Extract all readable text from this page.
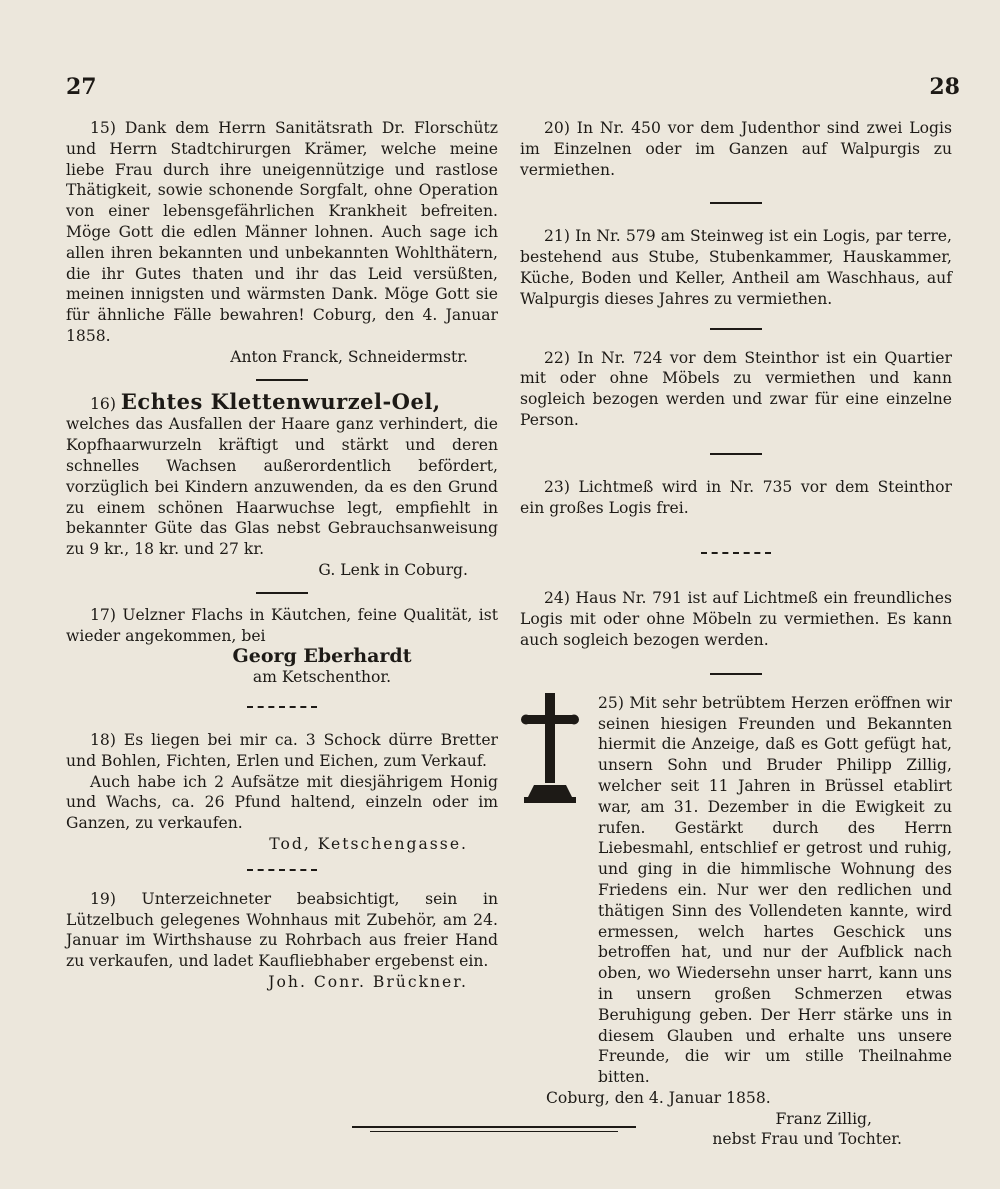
27	28

15) Dank dem Herrn Sanitätsrath Dr. Florschütz und Herrn Stadtchirurgen Krämer, welche meine liebe Frau durch ihre uneigennützige und rastlose Thätigkeit, sowie schonende Sorgfalt, ohne Operation von einer lebensgefährlichen Krankheit befreiten. Möge Gott die edlen Männer lohnen. Auch sage ich allen ihren bekannten und unbekannten Wohlthätern, die ihr Gutes thaten und ihr das Leid versüßten, meinen innigsten und wärmsten Dank. Möge Gott sie für ähnliche Fälle bewahren! Coburg, den 4. Januar 1858.

Anton Franck, Schneidermstr.

16) Echtes Klettenwurzel-Oel,

welches das Ausfallen der Haare ganz verhindert, die Kopfhaarwurzeln kräftigt und stärkt und deren schnelles Wachsen außerordentlich befördert, vorzüglich bei Kindern anzuwenden, da es den Grund zu einem schönen Haarwuchse legt, empfiehlt in bekannter Güte das Glas nebst Gebrauchsanweisung zu 9 kr., 18 kr. und 27 kr.

G. Lenk in Coburg.

17) Uelzner Flachs in Käutchen, feine Qualität, ist wieder angekommen, bei

Georg Eberhardt

am Ketschenthor.

18) Es liegen bei mir ca. 3 Schock dürre Bretter und Bohlen, Fichten, Erlen und Eichen, zum Verkauf.

Auch habe ich 2 Aufsätze mit diesjährigem Honig und Wachs, ca. 26 Pfund haltend, einzeln oder im Ganzen, zu verkaufen.

Tod, Ketschengasse.

19) Unterzeichneter beabsichtigt, sein in Lützelbuch gelegenes Wohnhaus mit Zubehör, am 24. Januar im Wirthshause zu Rohrbach aus freier Hand zu verkaufen, und ladet Kaufliebhaber ergebenst ein.

Joh. Conr. Brückner.

20) In Nr. 450 vor dem Judenthor sind zwei Logis im Einzelnen oder im Ganzen auf Walpurgis zu vermiethen.

21) In Nr. 579 am Steinweg ist ein Logis, par terre, bestehend aus Stube, Stubenkammer, Hauskammer, Küche, Boden und Keller, Antheil am Waschhaus, auf Walpurgis dieses Jahres zu vermiethen.

22) In Nr. 724 vor dem Steinthor ist ein Quartier mit oder ohne Möbels zu vermiethen und kann sogleich bezogen werden und zwar für eine einzelne Person.

23) Lichtmeß wird in Nr. 735 vor dem Steinthor ein großes Logis frei.

24) Haus Nr. 791 ist auf Lichtmeß ein freundliches Logis mit oder ohne Möbeln zu vermiethen. Es kann auch sogleich bezogen werden.

25) Mit sehr betrübtem Herzen eröffnen wir seinen hiesigen Freunden und Bekannten hiermit die Anzeige, daß es Gott gefügt hat, unsern Sohn und Bruder Philipp Zillig, welcher seit 11 Jahren in Brüssel etablirt war, am 31. Dezember in die Ewigkeit zu rufen. Gestärkt durch des Herrn Liebesmahl, entschlief er getrost und ruhig, und ging in die himmlische Wohnung des Friedens ein. Nur wer den redlichen und thätigen Sinn des Vollendeten kannte, wird ermessen, welch hartes Geschick uns betroffen hat, und nur der Aufblick nach oben, wo Wiedersehn unser harrt, kann uns in unsern großen Schmerzen etwas Beruhigung geben. Der Herr stärke uns in diesem Glauben und erhalte uns unsere Freunde, die wir um stille Theilnahme bitten.

Coburg, den 4. Januar 1858.

Franz Zillig,

nebst Frau und Tochter.
